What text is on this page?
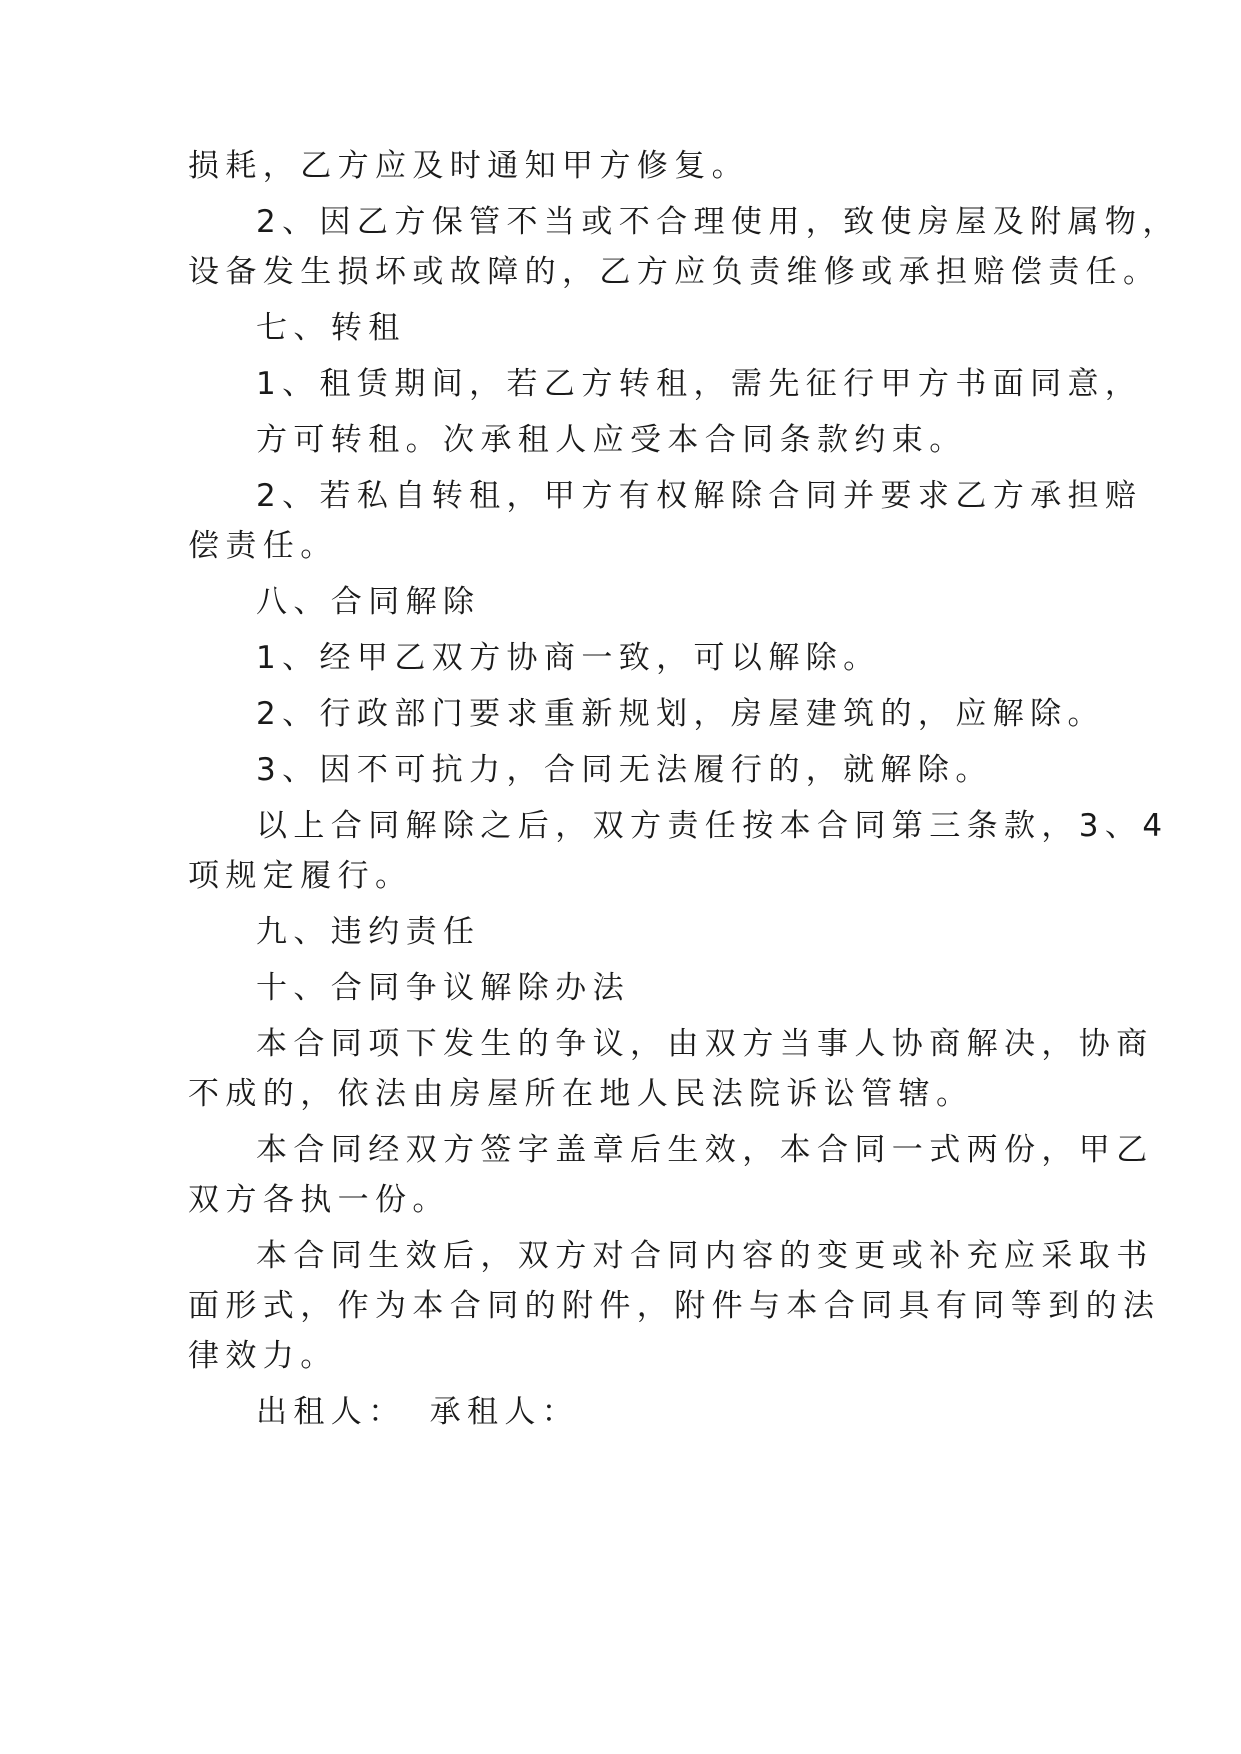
损耗，乙方应及时通知甲方修复。
2、因乙方保管不当或不合理使用，致使房屋及附属物，
设备发生损坏或故障的，乙方应负责维修或承担赔偿责任。
七、转租
1、租赁期间，若乙方转租，需先征行甲方书面同意，
方可转租。次承租人应受本合同条款约束。
2、若私自转租，甲方有权解除合同并要求乙方承担赔
偿责任。
八、合同解除
1、经甲乙双方协商一致，可以解除。
2、行政部门要求重新规划，房屋建筑的，应解除。
3、因不可抗力，合同无法履行的，就解除。
以上合同解除之后，双方责任按本合同第三条款，3、4
项规定履行。
九、违约责任
十、合同争议解除办法
本合同项下发生的争议，由双方当事人协商解决，协商
不成的，依法由房屋所在地人民法院诉讼管辖。
本合同经双方签字盖章后生效，本合同一式两份，甲乙
双方各执一份。
本合同生效后，双方对合同内容的变更或补充应采取书
面形式，作为本合同的附件，附件与本合同具有同等到的法
律效力。
出租人： 承租人：
